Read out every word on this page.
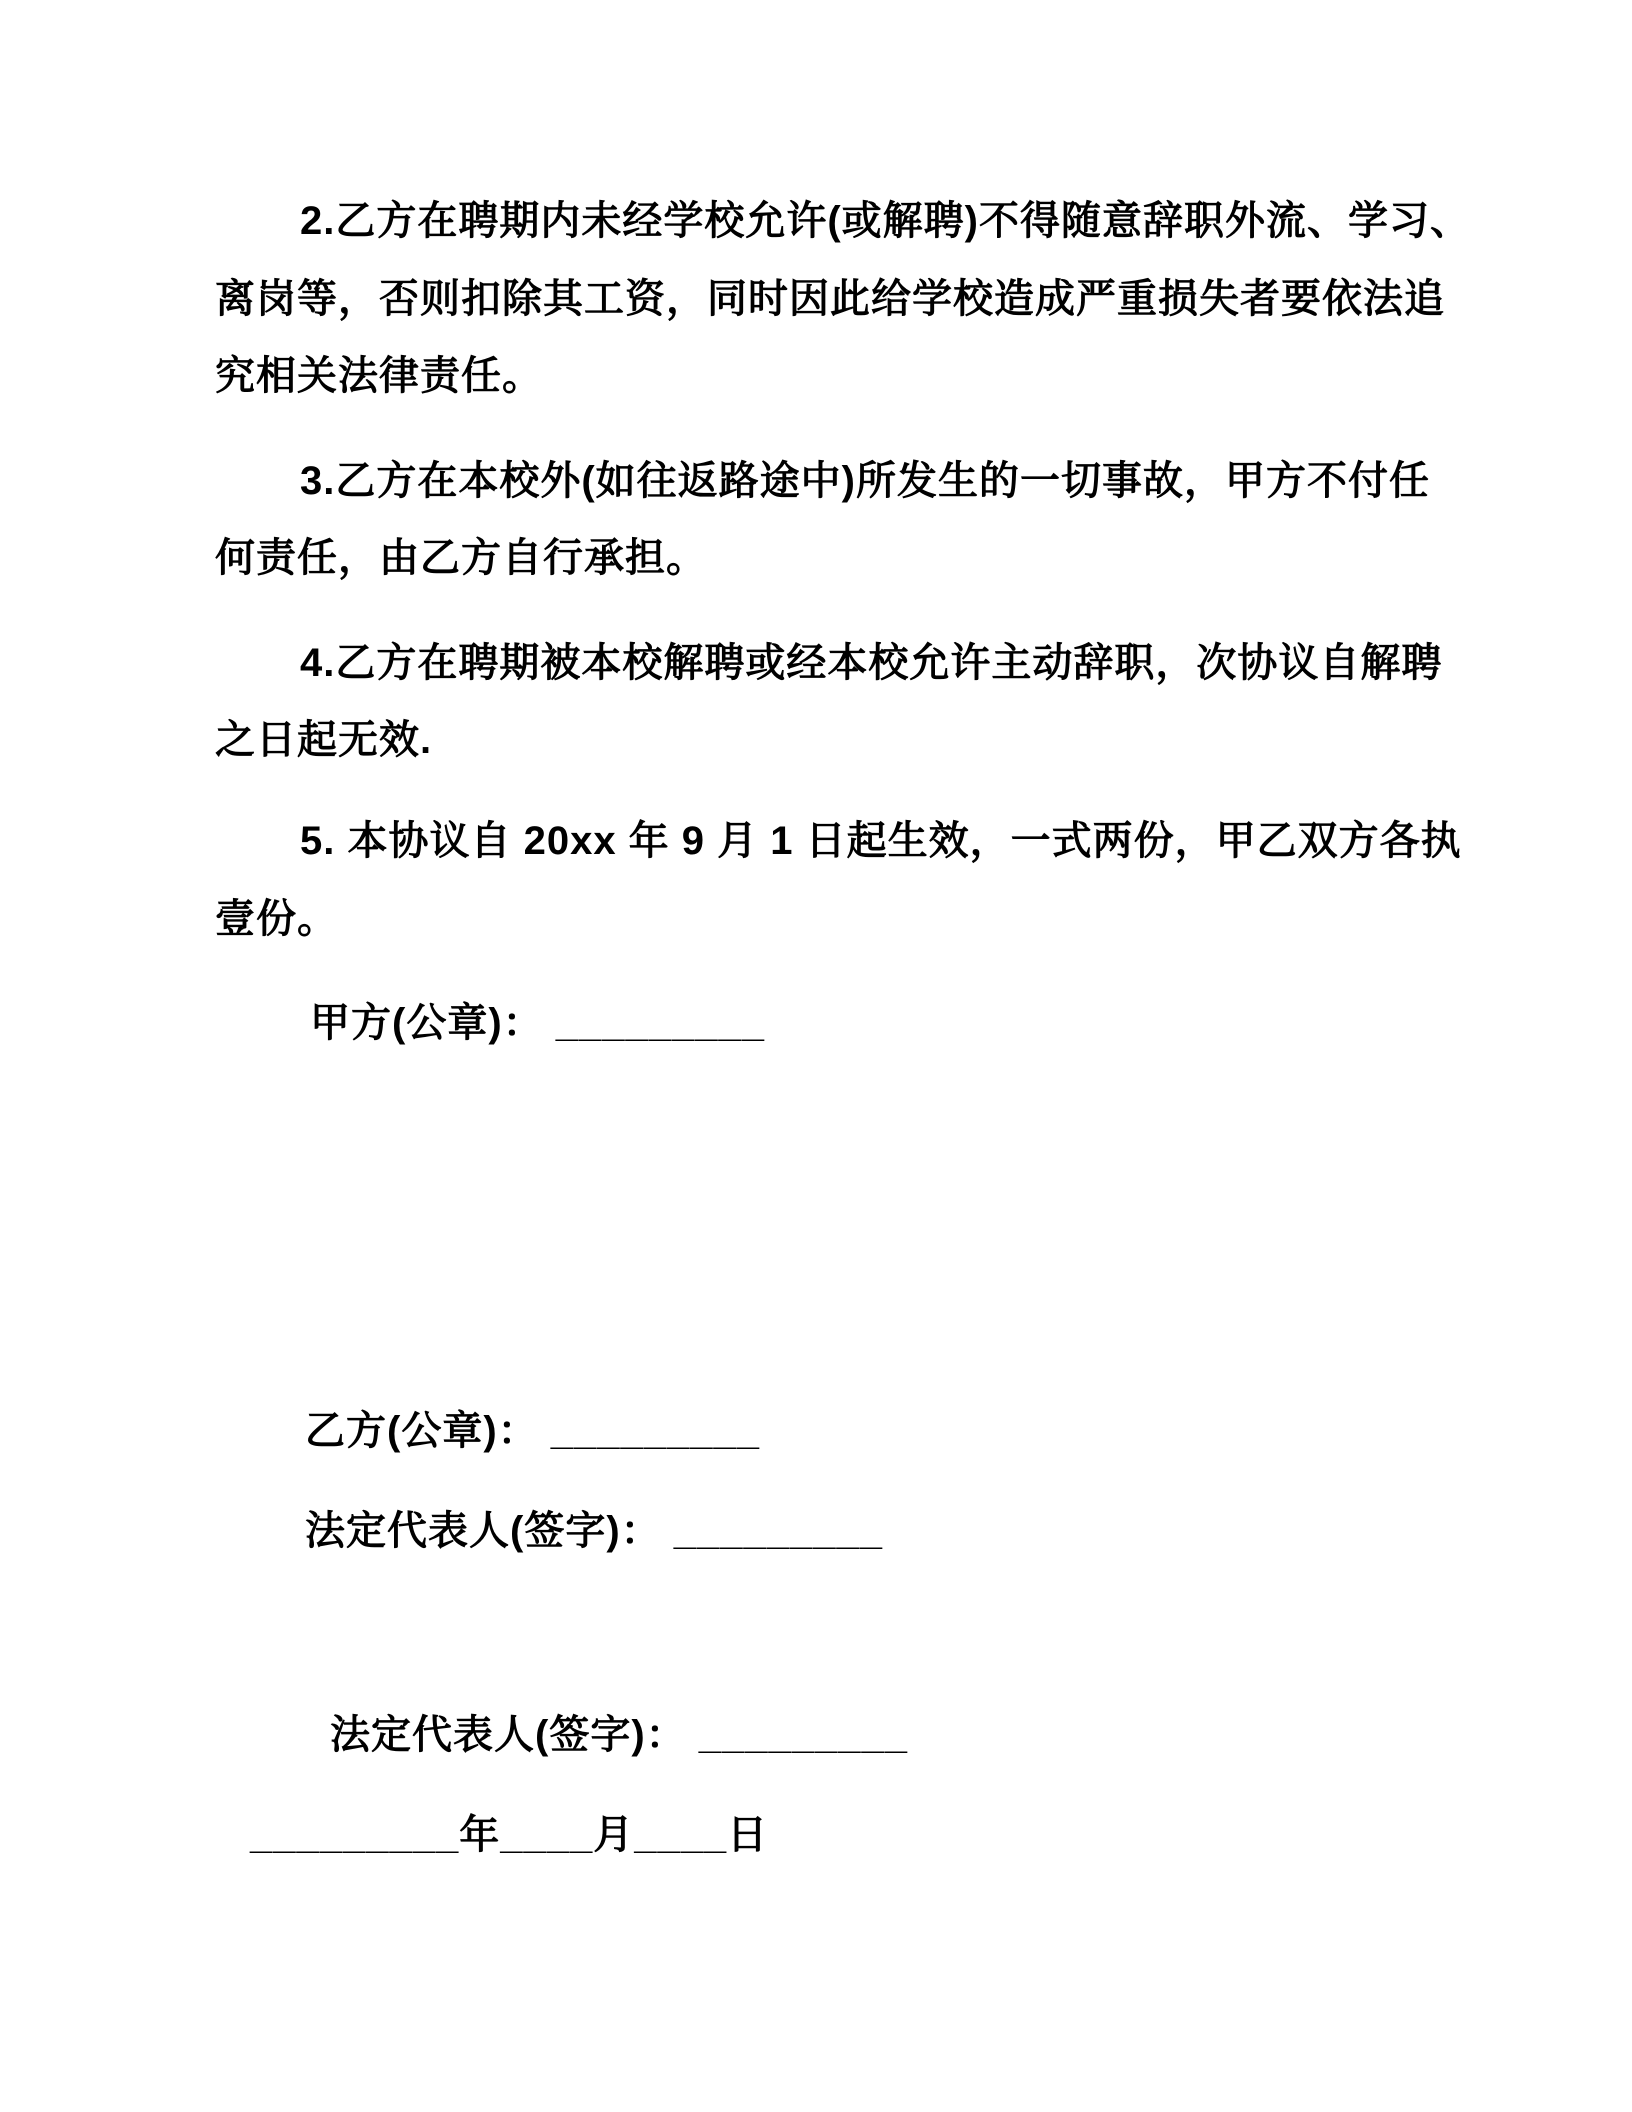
2.乙方在聘期内未经学校允许(或解聘)不得随意辞职外流、学习、
离岗等，否则扣除其工资，同时因此给学校造成严重损失者要依法追
究相关法律责任。
3.乙方在本校外(如往返路途中)所发生的一切事故，甲方不付任
何责任，由乙方自行承担。
4.乙方在聘期被本校解聘或经本校允许主动辞职，次协议自解聘
之日起无效.
5. 本协议自 20xx 年 9 月 1 日起生效，一式两份，甲乙双方各执
壹份。
甲方(公章)： _________
乙方(公章)： _________
法定代表人(签字)： _________
法定代表人(签字)： _________
_________年____月____日
